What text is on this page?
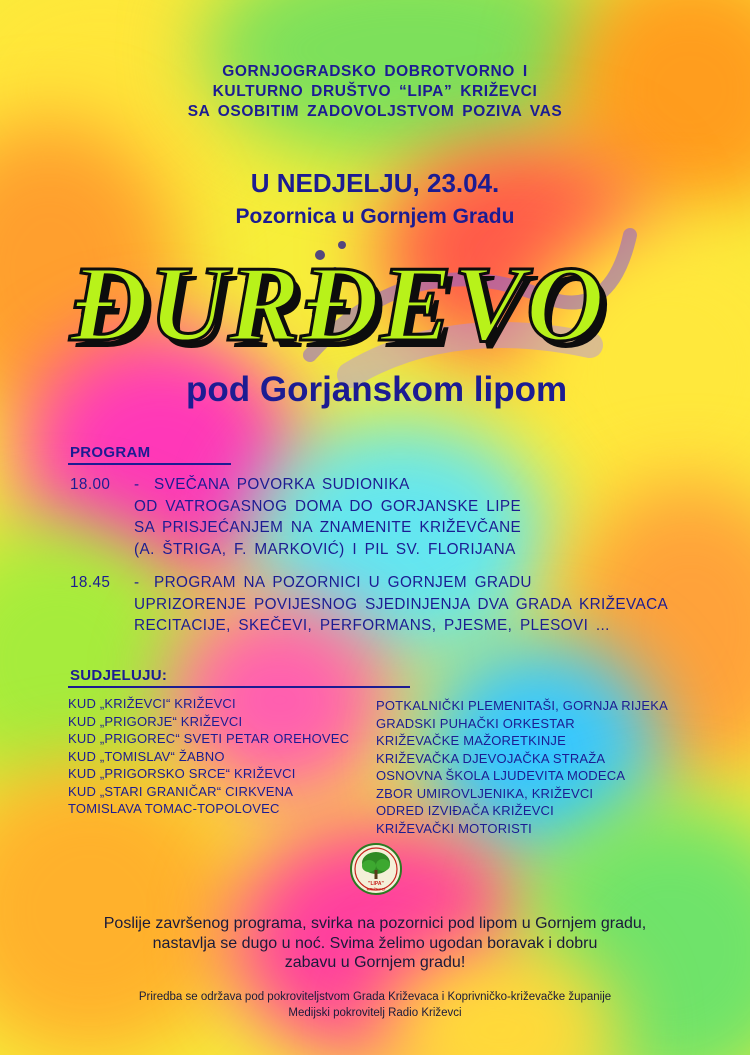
GORNJOGRADSKO DOBROTVORNO I
KULTURNO DRUŠTVO “LIPA” KRIŽEVCI
SA OSOBITIM ZADOVOLJSTVOM POZIVA VAS
U NEDJELJU, 23.04.
Pozornica u Gornjem Gradu
ĐURĐEVO
pod Gorjanskom lipom
PROGRAM
18.00 - SVEČANA POVORKA SUDIONIKA
OD VATROGASNOG DOMA DO GORJANSKE LIPE
SA PRISJEĆANJEM NA ZNAMENITE KRIŽEVČANE
(A. ŠTRIGA, F. MARKOVIĆ) I PIL SV. FLORIJANA
18.45 - PROGRAM NA POZORNICI U GORNJEM GRADU
UPRIZORENJE POVIJESNOG SJEDINJENJA DVA GRADA KRIŽEVACA
RECITACIJE, SKEČEVI, PERFORMANS, PJESME, PLESOVI ...
SUDJELUJU:
KUD „KRIŽEVCI“ KRIŽEVCI
KUD „PRIGORJE“ KRIŽEVCI
KUD „PRIGOREC“ SVETI PETAR OREHOVEC
KUD „TOMISLAV“ ŽABNO
KUD „PRIGORSKO SRCE“ KRIŽEVCI
KUD „STARI GRANIČAR“ CIRKVENA
TOMISLAVA TOMAC-TOPOLOVEC
POTKALNIČKI PLEMENITAŠI, GORNJA RIJEKA
GRADSKI PUHAČKI ORKESTAR
KRIŽEVAČKE MAŽORETKINJE
KRIŽEVAČKA DJEVOJAČKA STRAŽA
OSNOVNA ŠKOLA LJUDEVITA MODECA
ZBOR UMIROVLJENIKA, KRIŽEVCI
ODRED IZVIĐAČA KRIŽEVCI
KRIŽEVAČKI MOTORISTI
"LIPA"
KRIŽEVCI
Poslije završenog programa, svirka na pozornici pod lipom u Gornjem gradu,
nastavlja se dugo u noć. Svima želimo ugodan boravak i dobru
zabavu u Gornjem gradu!
Priredba se održava pod pokroviteljstvom Grada Križevaca i Koprivničko-križevačke županije
Medijski pokrovitelj Radio Križevci
